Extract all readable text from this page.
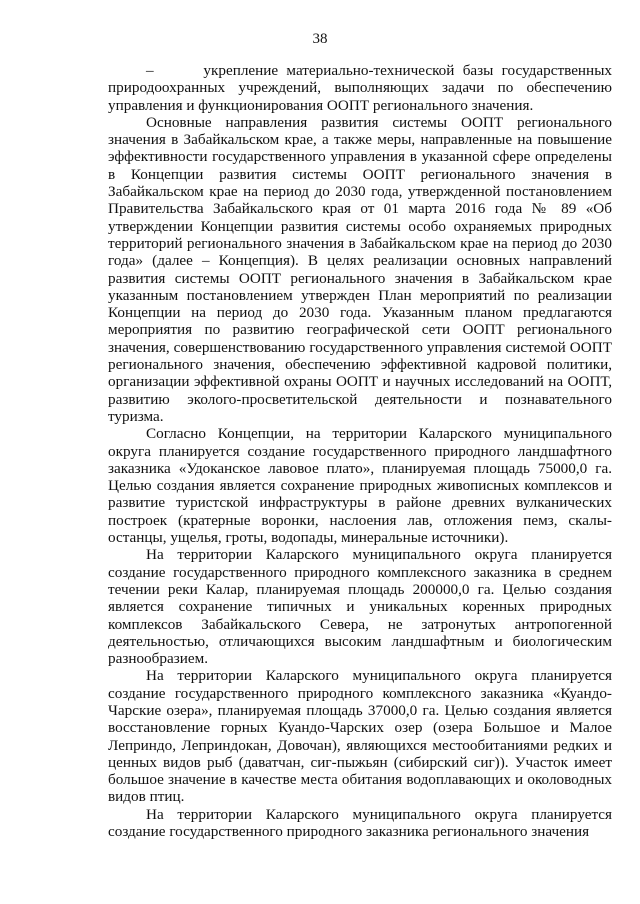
38

–      укрепление материально-технической базы государственных природоохранных учреждений, выполняющих задачи по обеспечению управления и функционирования ООПТ регионального значения.

Основные направления развития системы ООПТ регионального значения в Забайкальском крае, а также меры, направленные на повышение эффективности государственного управления в указанной сфере определены в Концепции развития системы ООПТ регионального значения в Забайкальском крае на период до 2030 года, утвержденной постановлением Правительства Забайкальского края от 01 марта 2016 года № 89 «Об утверждении Концепции развития системы особо охраняемых природных территорий регионального значения в Забайкальском крае на период до 2030 года» (далее – Концепция). В целях реализации основных направлений развития системы ООПТ регионального значения в Забайкальском крае указанным постановлением утвержден План мероприятий по реализации Концепции на период до 2030 года. Указанным планом предлагаются мероприятия по развитию географической сети ООПТ регионального значения, совершенствованию государственного управления системой ООПТ регионального значения, обеспечению эффективной кадровой политики, организации эффективной охраны ООПТ и научных исследований на ООПТ, развитию эколого-просветительской деятельности и познавательного туризма.

Согласно Концепции, на территории Каларского муниципального округа планируется создание государственного природного ландшафтного заказника «Удоканское лавовое плато», планируемая площадь 75000,0 га. Целью создания является сохранение природных живописных комплексов и развитие туристской инфраструктуры в районе древних вулканических построек (кратерные воронки, наслоения лав, отложения пемз, скалы-останцы, ущелья, гроты, водопады, минеральные источники).

На территории Каларского муниципального округа планируется создание государственного природного комплексного заказника в среднем течении реки Калар, планируемая площадь 200000,0 га. Целью создания является сохранение типичных и уникальных коренных природных комплексов Забайкальского Севера, не затронутых антропогенной деятельностью, отличающихся высоким ландшафтным и биологическим разнообразием.

На территории Каларского муниципального округа планируется создание государственного природного комплексного заказника «Куандо-Чарские озера», планируемая площадь 37000,0 га. Целью создания является восстановление горных Куандо-Чарских озер (озера Большое и Малое Леприндо, Леприндокан, Довочан), являющихся местообитаниями редких и ценных видов рыб (даватчан, сиг-пыжьян (сибирский сиг)). Участок имеет большое значение в качестве места обитания водоплавающих и околоводных видов птиц.

На территории Каларского муниципального округа планируется создание государственного природного заказника регионального значения
